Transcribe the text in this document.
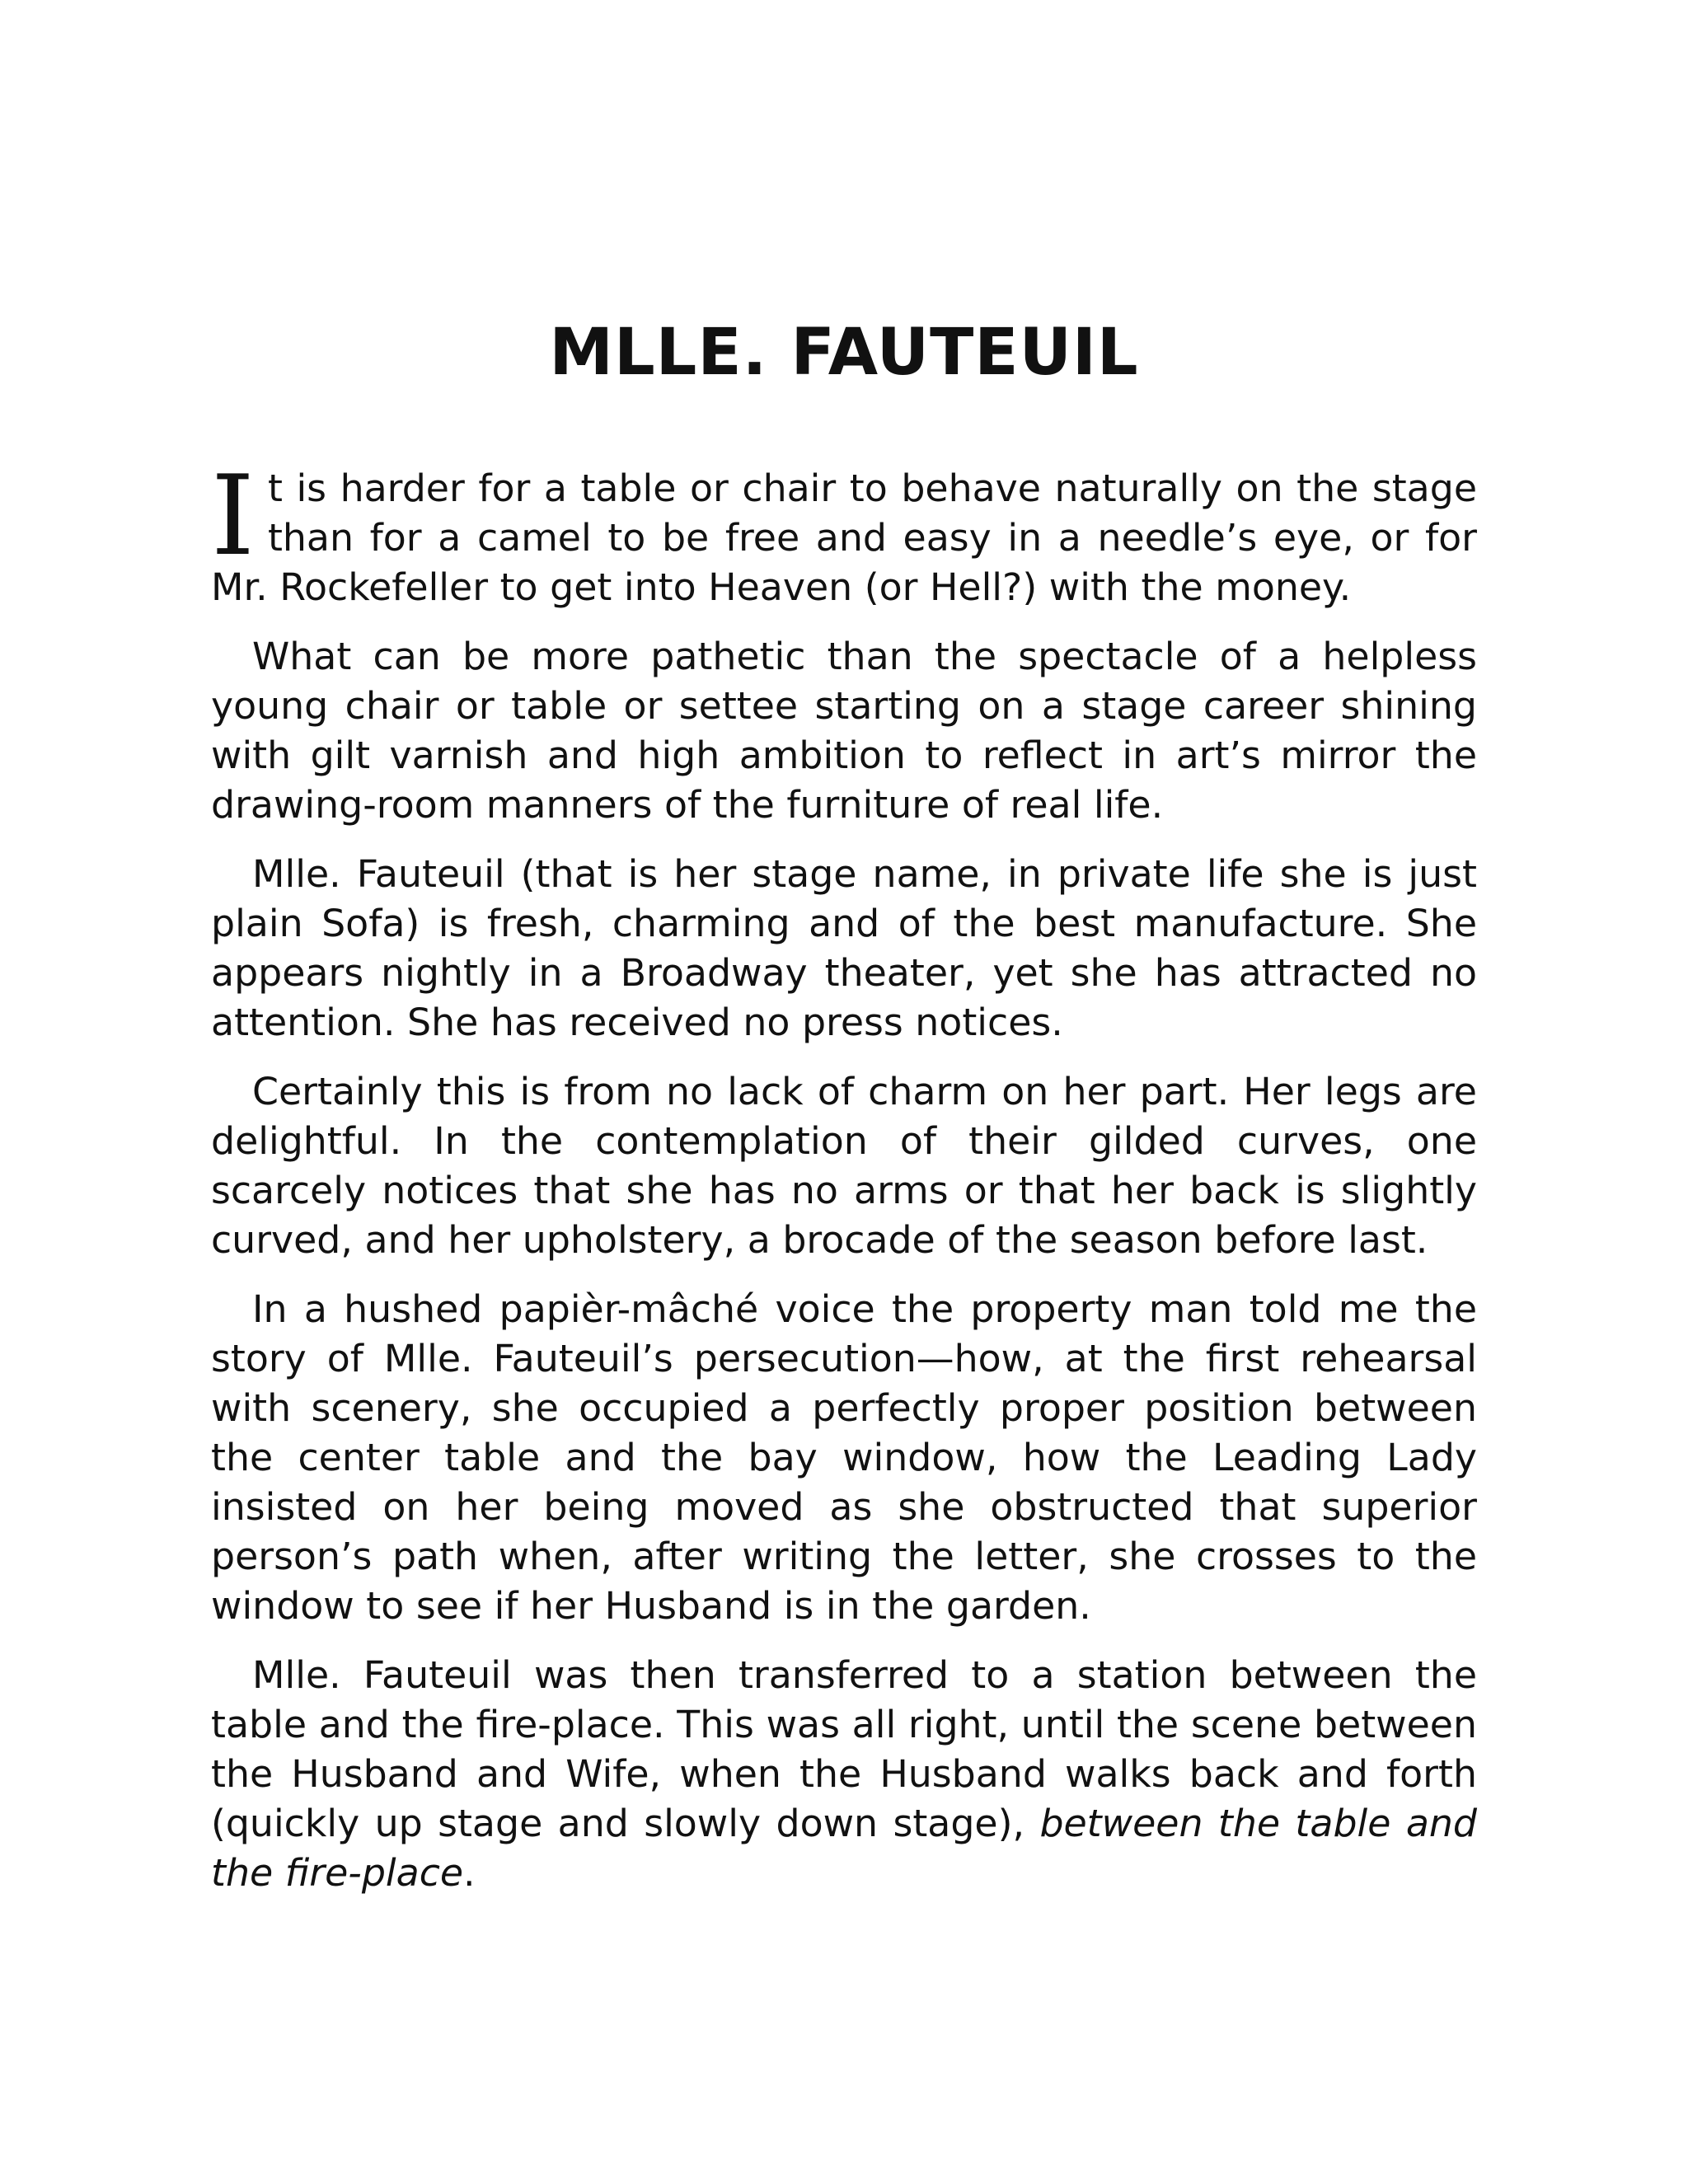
MLLE. FAUTEUIL

It is harder for a table or chair to behave naturally on the stage than for a camel to be free and easy in a needle’s eye, or for Mr. Rockefeller to get into Heaven (or Hell?) with the money.

What can be more pathetic than the spectacle of a helpless young chair or table or settee starting on a stage career shining with gilt varnish and high ambition to reflect in art’s mirror the drawing-room manners of the furniture of real life.

Mlle. Fauteuil (that is her stage name, in private life she is just plain Sofa) is fresh, charming and of the best manufacture. She appears nightly in a Broadway theater, yet she has attracted no attention. She has received no press notices.

Certainly this is from no lack of charm on her part. Her legs are delightful. In the contemplation of their gilded curves, one scarcely notices that she has no arms or that her back is slightly curved, and her upholstery, a brocade of the season before last.

In a hushed papièr-mâché voice the property man told me the story of Mlle. Fauteuil’s persecution—how, at the first rehearsal with scenery, she occupied a perfectly proper position between the center table and the bay window, how the Leading Lady insisted on her being moved as she obstructed that superior person’s path when, after writing the letter, she crosses to the window to see if her Husband is in the garden.

Mlle. Fauteuil was then transferred to a station between the table and the fire-place. This was all right, until the scene between the Husband and Wife, when the Husband walks back and forth (quickly up stage and slowly down stage), between the table and the fire-place.
